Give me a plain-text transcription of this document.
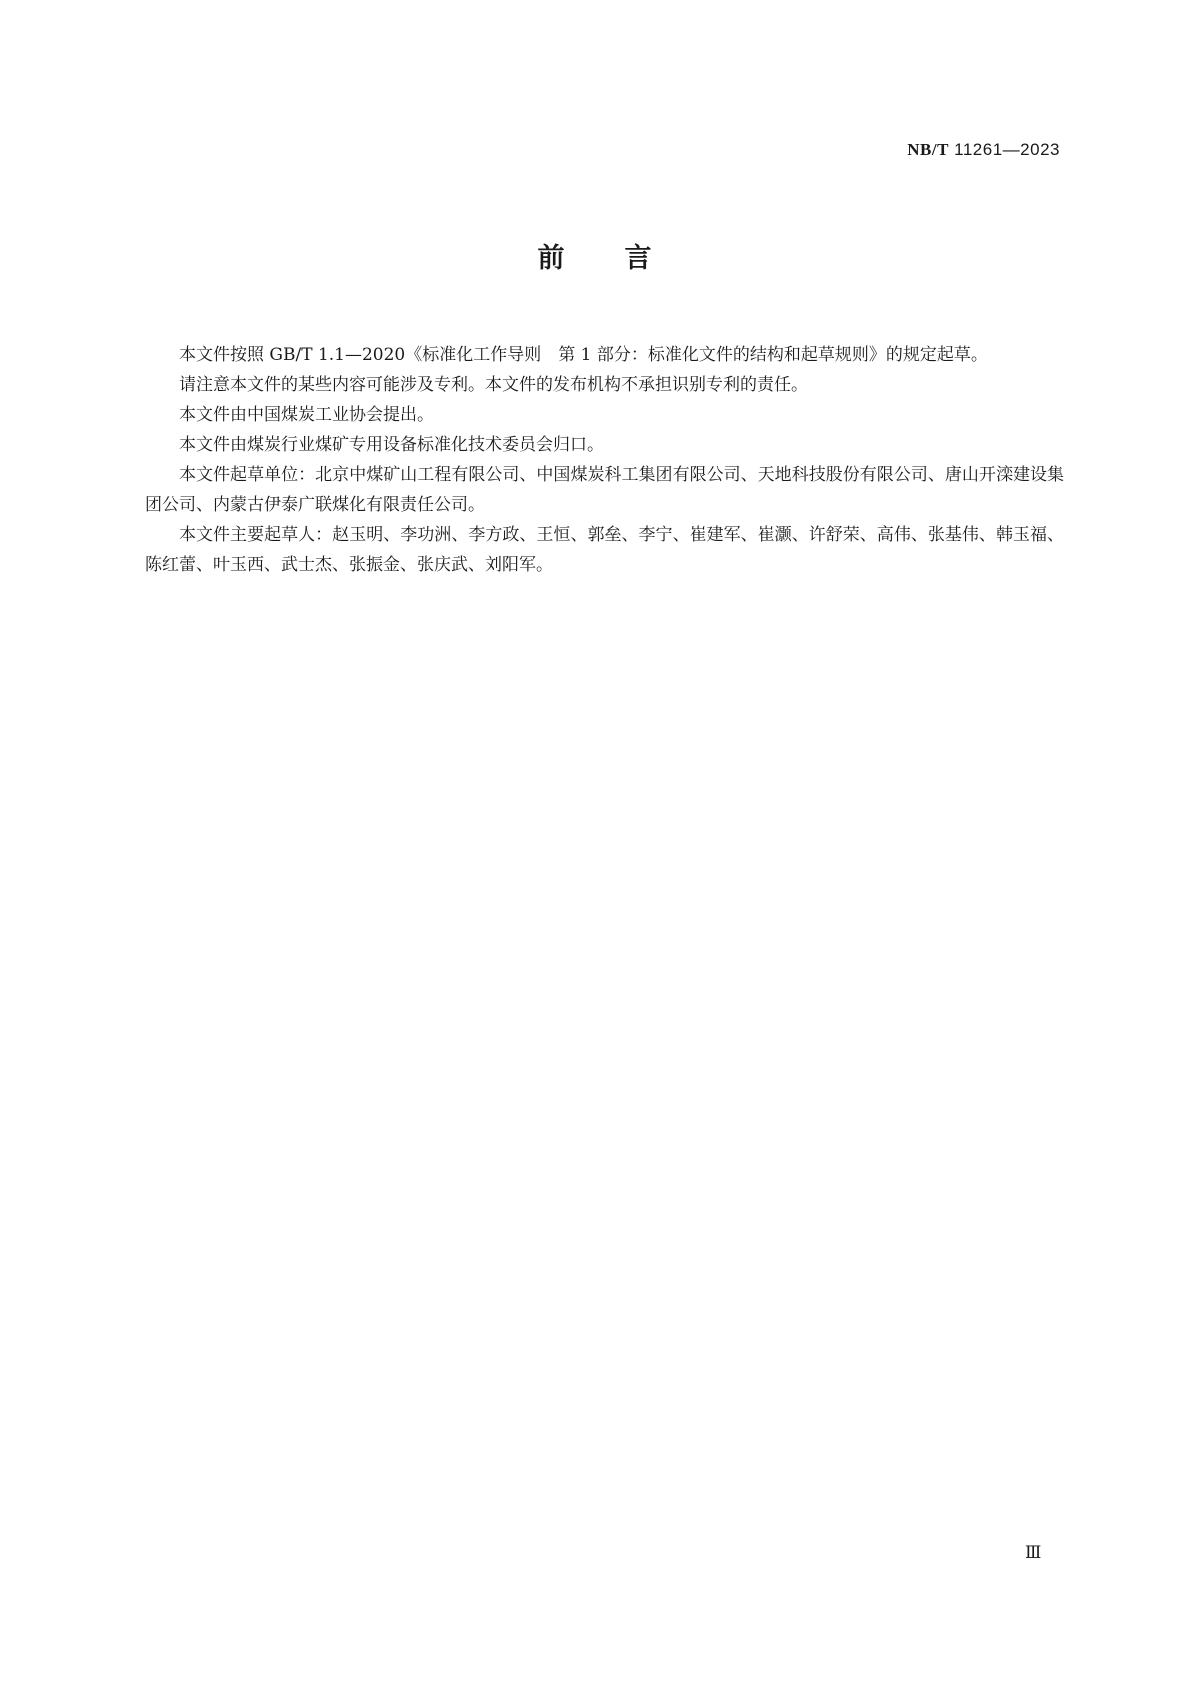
NB/T 11261—2023
前　　言

本文件按照 GB/T 1.1—2020《标准化工作导则　第 1 部分：标准化文件的结构和起草规则》的规定起草。

请注意本文件的某些内容可能涉及专利。本文件的发布机构不承担识别专利的责任。

本文件由中国煤炭工业协会提出。

本文件由煤炭行业煤矿专用设备标准化技术委员会归口。

本文件起草单位：北京中煤矿山工程有限公司、中国煤炭科工集团有限公司、天地科技股份有限公司、唐山开滦建设集团公司、内蒙古伊泰广联煤化有限责任公司。

本文件主要起草人：赵玉明、李功洲、李方政、王恒、郭垒、李宁、崔建军、崔灏、许舒荣、高伟、张基伟、韩玉福、陈红蕾、叶玉西、武士杰、张振金、张庆武、刘阳军。

Ⅲ
